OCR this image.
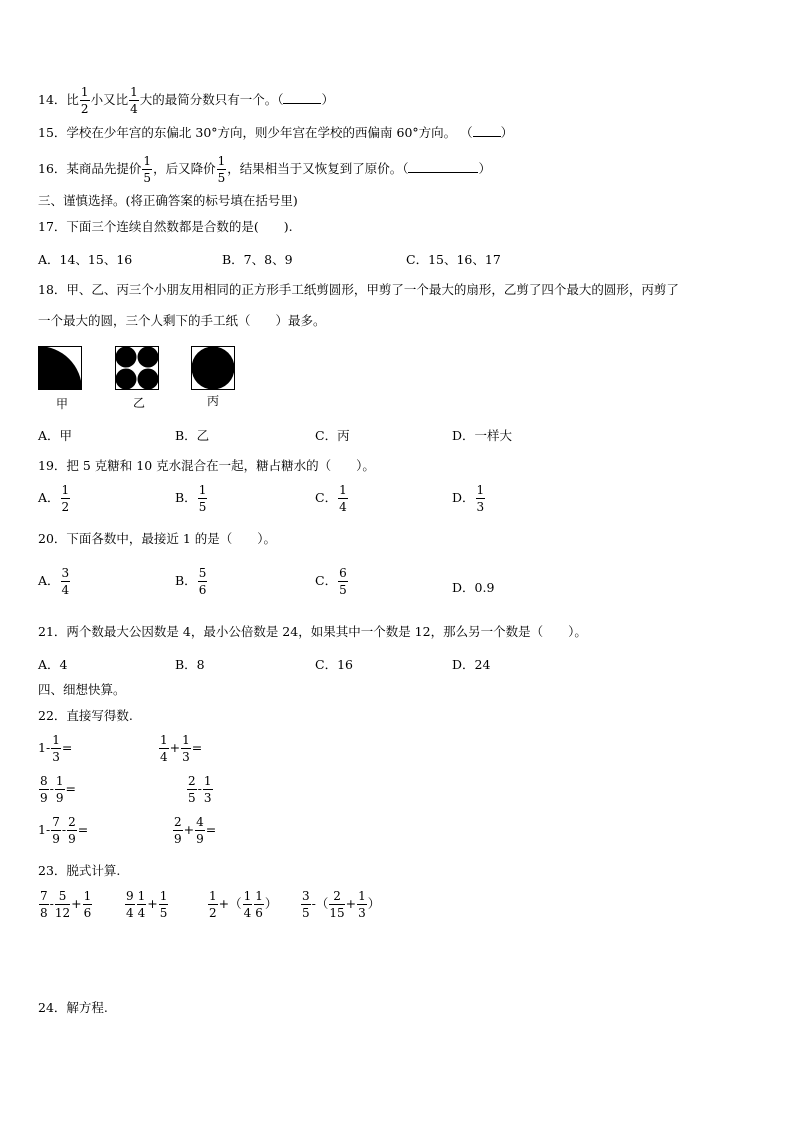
14．比 $\frac{1}{2}$ 小又比 $\frac{1}{4}$ 大的最简分数只有一个。（	）
15．学校在少年宫的东偏北 30°方向，则少年宫在学校的西偏南 60°方向。 （ ）
16．某商品先提价 $\frac{1}{5}$ ，后又降价 $\frac{1}{5}$ ，结果相当于又恢复到了原价。（	）
三、谨慎选择。(将正确答案的标号填在括号里)
17．下面三个连续自然数都是合数的是(　　).
A．14、15、16	B．7、8、9	C．15、16、17
18．甲、乙、丙三个小朋友用相同的正方形手工纸剪圆形，甲剪了一个最大的扇形，乙剪了四个最大的圆形，丙剪了
一个最大的圆，三个人剩下的手工纸（　　）最多。
甲	乙	丙
A．甲	B．乙	C．丙	D．一样大
19．把 5 克糖和 10 克水混合在一起，糖占糖水的（　　）。
A． $\frac{1}{2}$	B． $\frac{1}{5}$	C． $\frac{1}{4}$	D． $\frac{1}{3}$
20．下面各数中，最接近 1 的是（　　）。
A． $\frac{3}{4}$	B． $\frac{5}{6}$	C． $\frac{6}{5}$	D．0.9
21．两个数最大公因数是 4，最小公倍数是 24，如果其中一个数是 12，那么另一个数是（　　）。
A．4	B．8	C．16	D．24
四、细想快算。
22．直接写得数.
$1- \frac{1}{3}$ =	$\frac{1}{4} + \frac{1}{3}$ =
$\frac{8}{9} - \frac{1}{9}$ =	$\frac{2}{5} - \frac{1}{3}$
$1- \frac{7}{9} - \frac{2}{9}$ =	$\frac{2}{9} + \frac{4}{9}$ =
23．脱式计算.
$\frac{7}{8} - \frac{5}{12} + \frac{1}{6}$	$\frac{9}{4} \frac{1}{4} + \frac{1}{5}$	$\frac{1}{2}$ +（ $\frac{1}{4} \frac{1}{6}$ ） $\frac{3}{5}$ -（ $\frac{2}{15} + \frac{1}{3}$ ）
24．解方程.
